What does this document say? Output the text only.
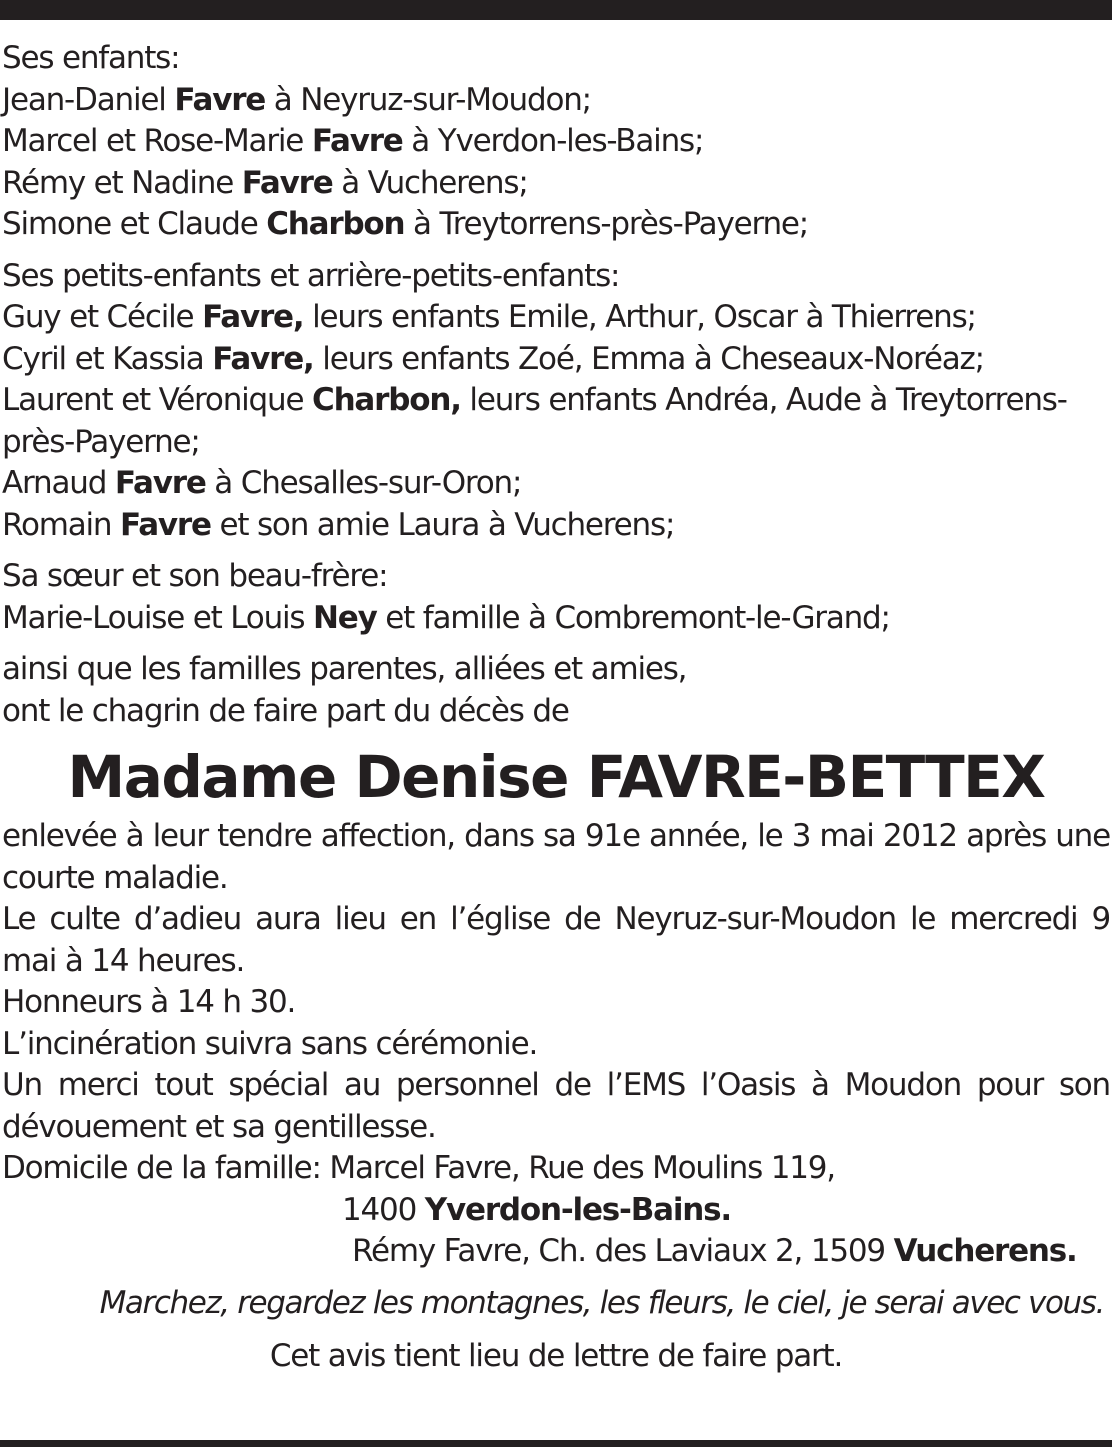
Ses enfants:
Jean-Daniel Favre à Neyruz-sur-Moudon;
Marcel et Rose-Marie Favre à Yverdon-les-Bains;
Rémy et Nadine Favre à Vucherens;
Simone et Claude Charbon à Treytorrens-près-Payerne;
Ses petits-enfants et arrière-petits-enfants:
Guy et Cécile Favre, leurs enfants Emile, Arthur, Oscar à Thierrens;
Cyril et Kassia Favre, leurs enfants Zoé, Emma à Cheseaux-Noréaz;
Laurent et Véronique Charbon, leurs enfants Andréa, Aude à Treytorrens-
près-Payerne;
Arnaud Favre à Chesalles-sur-Oron;
Romain Favre et son amie Laura à Vucherens;
Sa sœur et son beau-frère:
Marie-Louise et Louis Ney et famille à Combremont-le-Grand;
ainsi que les familles parentes, alliées et amies,
ont le chagrin de faire part du décès de
Madame Denise FAVRE-BETTEX
enlevée à leur tendre affection, dans sa 91e année, le 3 mai 2012 après une courte maladie.
Le culte d’adieu aura lieu en l’église de Neyruz-sur-Moudon le mercredi 9 mai à 14 heures.
Honneurs à 14 h 30.
L’incinération suivra sans cérémonie.
Un merci tout spécial au personnel de l’EMS l’Oasis à Moudon pour son dévouement et sa gentillesse.
Domicile de la famille: Marcel Favre, Rue des Moulins 119,
1400 Yverdon-les-Bains.
Rémy Favre, Ch. des Laviaux 2, 1509 Vucherens.
Marchez, regardez les montagnes, les fleurs, le ciel, je serai avec vous.
Cet avis tient lieu de lettre de faire part.
